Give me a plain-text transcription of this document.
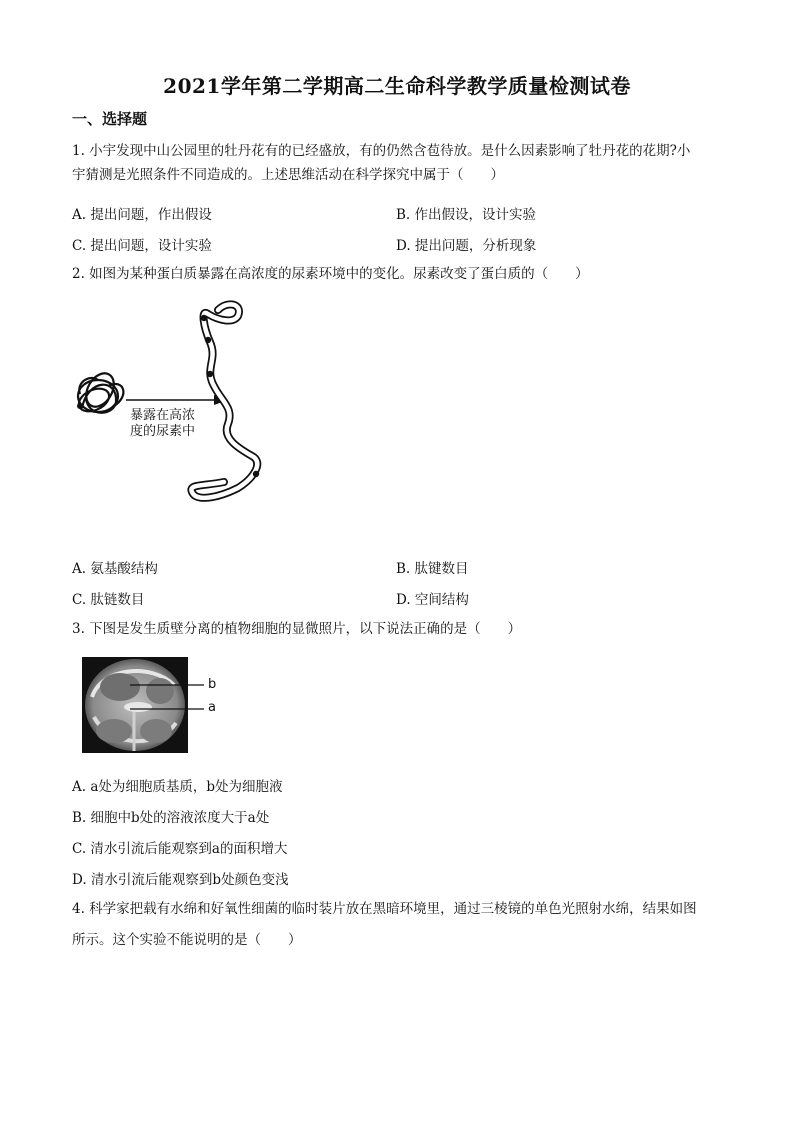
2021学年第二学期高二生命科学教学质量检测试卷
一、选择题
1. 小宇发现中山公园里的牡丹花有的已经盛放，有的仍然含苞待放。是什么因素影响了牡丹花的花期?小
宇猜测是光照条件不同造成的。上述思维活动在科学探究中属于（　　）
A. 提出问题，作出假设	B. 作出假设，设计实验
C. 提出问题，设计实验	D. 提出问题，分析现象
2. 如图为某种蛋白质暴露在高浓度的尿素环境中的变化。尿素改变了蛋白质的（　　）
暴露在高浓
度的尿素中
A. 氨基酸结构	B. 肽键数目
C. 肽链数目	D. 空间结构
3. 下图是发生质壁分离的植物细胞的显微照片，以下说法正确的是（　　）
b
a
A. a处为细胞质基质，b处为细胞液
B. 细胞中b处的溶液浓度大于a处
C. 清水引流后能观察到a的面积增大
D. 清水引流后能观察到b处颜色变浅
4. 科学家把载有水绵和好氧性细菌的临时装片放在黑暗环境里，通过三棱镜的单色光照射水绵，结果如图
所示。这个实验不能说明的是（　　）
